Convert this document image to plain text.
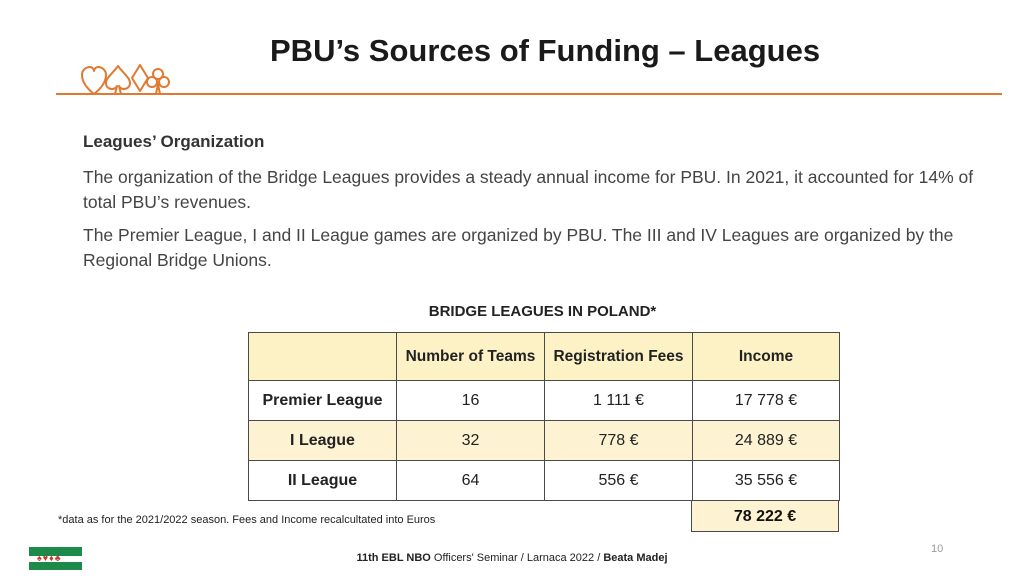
PBU’s Sources of Funding – Leagues
Leagues’ Organization
The organization of the Bridge Leagues provides a steady annual income for PBU. In 2021, it accounted for 14% of total PBU’s revenues.
The Premier League, I and II League games are organized by PBU. The III and IV Leagues are organized by the Regional Bridge Unions.
BRIDGE LEAGUES IN POLAND*
	Number of Teams	Registration Fees	Income
Premier League	16	1 111 €	17 778 €
I League	32	778 €	24 889 €
II League	64	556 €	35 556 €
78 222 €
*data as for the 2021/2022 season. Fees and Income recalcultated into Euros
♠♥♦♣	11th EBL NBO Officers' Seminar / Larnaca 2022 / Beata Madej
10
